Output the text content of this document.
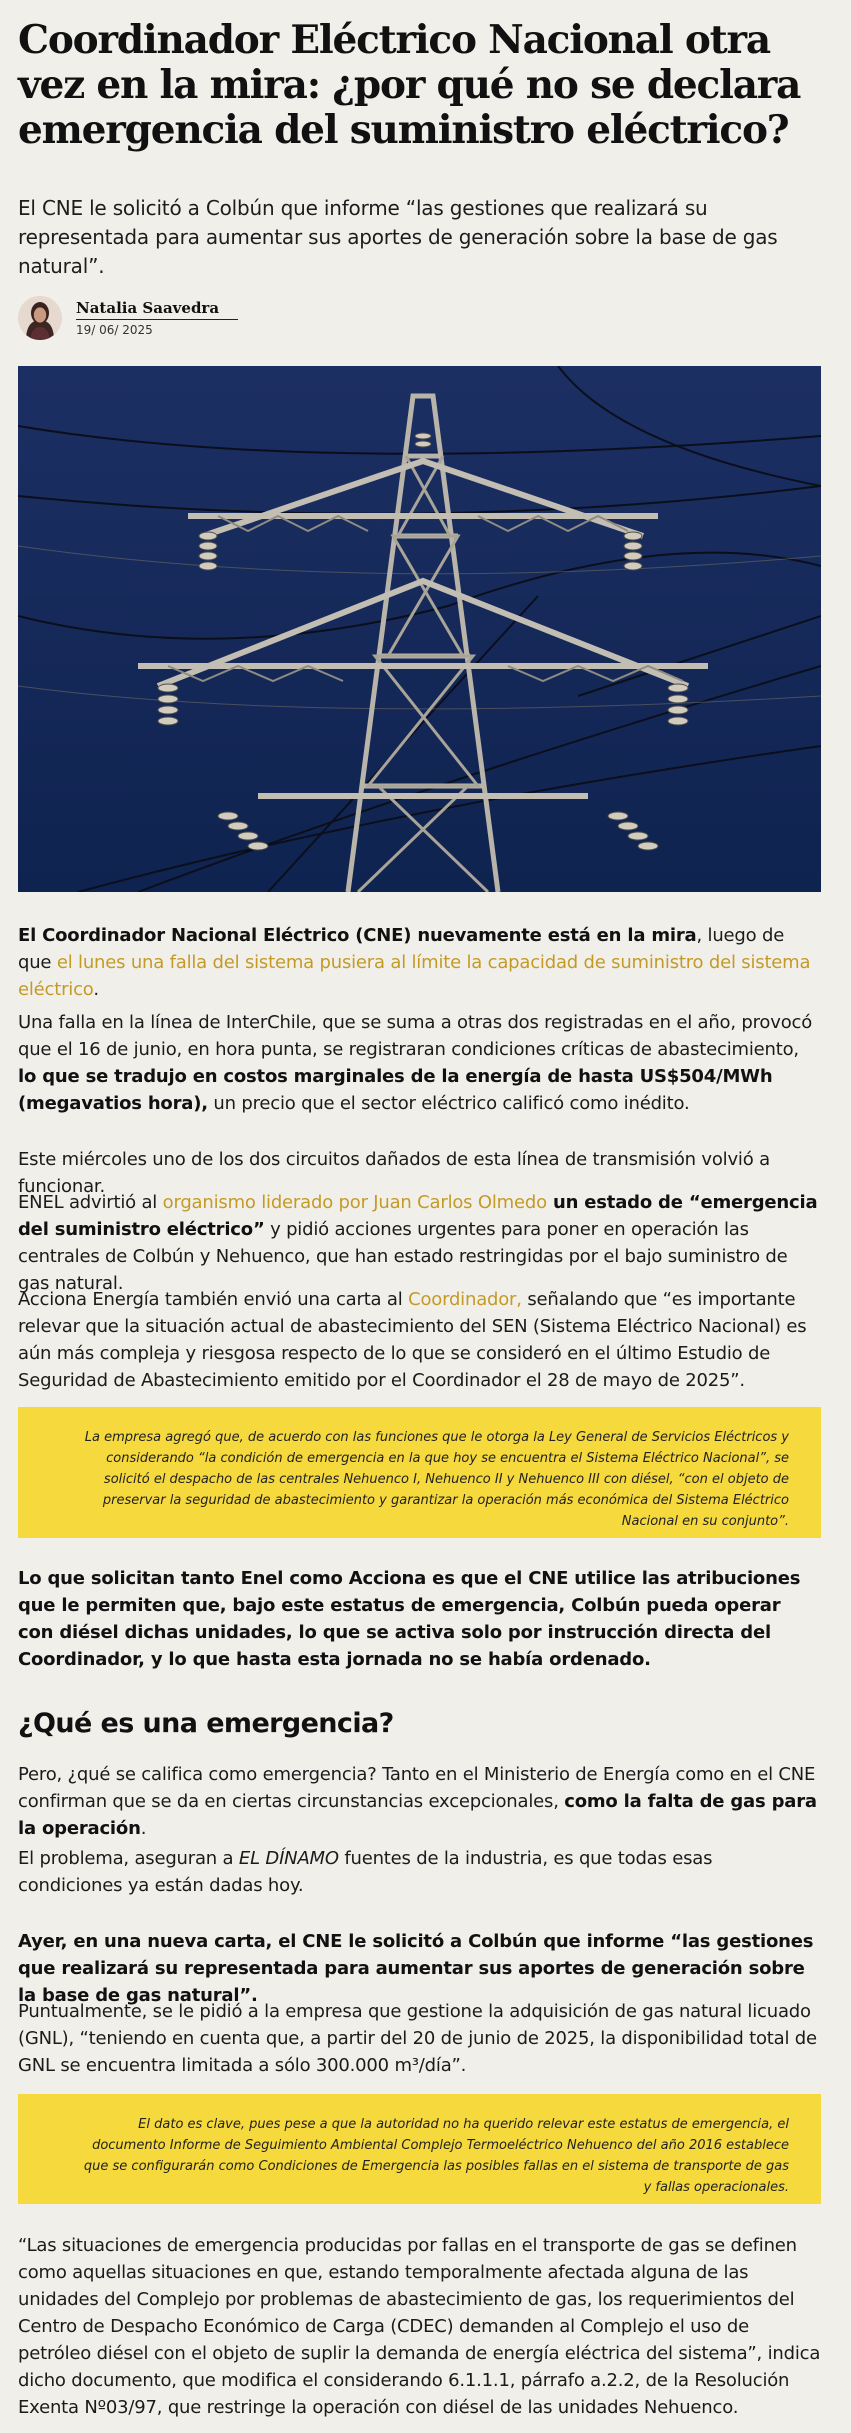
Coordinador Eléctrico Nacional otra vez en la mira: ¿por qué no se declara emergencia del suministro eléctrico?

El CNE le solicitó a Colbún que informe “las gestiones que realizará su representada para aumentar sus aportes de generación sobre la base de gas natural”.

Natalia Saavedra
19/ 06/ 2025

El Coordinador Nacional Eléctrico (CNE) nuevamente está en la mira, luego de que el lunes una falla del sistema pusiera al límite la capacidad de suministro del sistema eléctrico.

Una falla en la línea de InterChile, que se suma a otras dos registradas en el año, provocó que el 16 de junio, en hora punta, se registraran condiciones críticas de abastecimiento, lo que se tradujo en costos marginales de la energía de hasta US$504/MWh (megavatios hora), un precio que el sector eléctrico calificó como inédito.

Este miércoles uno de los dos circuitos dañados de esta línea de transmisión volvió a funcionar.

ENEL advirtió al organismo liderado por Juan Carlos Olmedo un estado de “emergencia del suministro eléctrico” y pidió acciones urgentes para poner en operación las centrales de Colbún y Nehuenco, que han estado restringidas por el bajo suministro de gas natural.

Acciona Energía también envió una carta al Coordinador, señalando que “es importante relevar que la situación actual de abastecimiento del SEN (Sistema Eléctrico Nacional) es aún más compleja y riesgosa respecto de lo que se consideró en el último Estudio de Seguridad de Abastecimiento emitido por el Coordinador el 28 de mayo de 2025”.

La empresa agregó que, de acuerdo con las funciones que le otorga la Ley General de Servicios Eléctricos y considerando “la condición de emergencia en la que hoy se encuentra el Sistema Eléctrico Nacional”, se solicitó el despacho de las centrales Nehuenco I, Nehuenco II y Nehuenco III con diésel, “con el objeto de preservar la seguridad de abastecimiento y garantizar la operación más económica del Sistema Eléctrico Nacional en su conjunto”.

Lo que solicitan tanto Enel como Acciona es que el CNE utilice las atribuciones que le permiten que, bajo este estatus de emergencia, Colbún pueda operar con diésel dichas unidades, lo que se activa solo por instrucción directa del Coordinador, y lo que hasta esta jornada no se había ordenado.

¿Qué es una emergencia?

Pero, ¿qué se califica como emergencia? Tanto en el Ministerio de Energía como en el CNE confirman que se da en ciertas circunstancias excepcionales, como la falta de gas para la operación.

El problema, aseguran a EL DÍNAMO fuentes de la industria, es que todas esas condiciones ya están dadas hoy.

Ayer, en una nueva carta, el CNE le solicitó a Colbún que informe “las gestiones que realizará su representada para aumentar sus aportes de generación sobre la base de gas natural”.

Puntualmente, se le pidió a la empresa que gestione la adquisición de gas natural licuado (GNL), “teniendo en cuenta que, a partir del 20 de junio de 2025, la disponibilidad total de GNL se encuentra limitada a sólo 300.000 m³/día”.

El dato es clave, pues pese a que la autoridad no ha querido relevar este estatus de emergencia, el documento Informe de Seguimiento Ambiental Complejo Termoeléctrico Nehuenco del año 2016 establece que se configurarán como Condiciones de Emergencia las posibles fallas en el sistema de transporte de gas y fallas operacionales.

“Las situaciones de emergencia producidas por fallas en el transporte de gas se definen como aquellas situaciones en que, estando temporalmente afectada alguna de las unidades del Complejo por problemas de abastecimiento de gas, los requerimientos del Centro de Despacho Económico de Carga (CDEC) demanden al Complejo el uso de petróleo diésel con el objeto de suplir la demanda de energía eléctrica del sistema”, indica dicho documento, que modifica el considerando 6.1.1.1, párrafo a.2.2, de la Resolución Exenta Nº03/97, que restringe la operación con diésel de las unidades Nehuenco.
